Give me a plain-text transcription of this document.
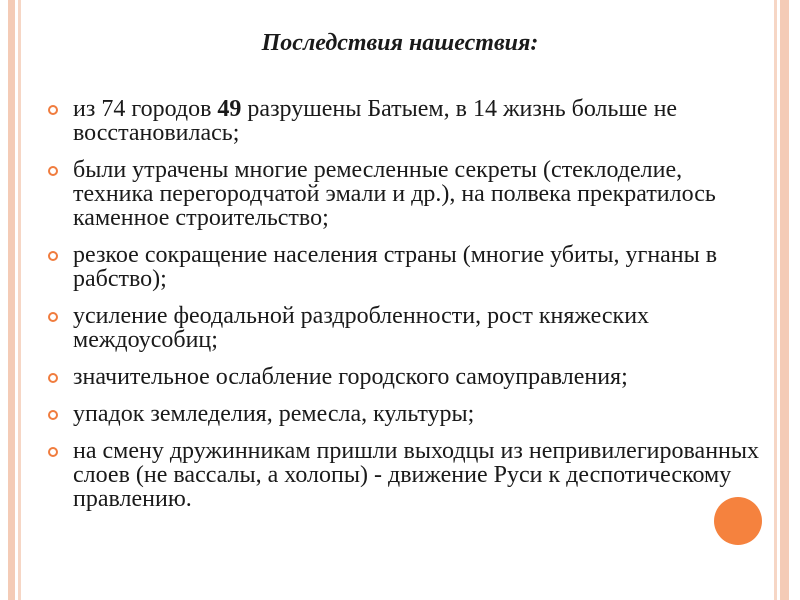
Последствия нашествия:
из 74 городов 49 разрушены Батыем, в 14 жизнь больше не восстановилась;
были утрачены многие ремесленные секреты (стеклоделие, техника перегородчатой эмали и др.), на полвека прекратилось каменное строительство;
резкое сокращение населения страны (многие убиты, угнаны в рабство);
усиление феодальной раздробленности, рост княжеских междоусобиц;
значительное ослабление городского самоуправления;
упадок земледелия, ремесла, культуры;
на смену дружинникам пришли выходцы из непривилегированных слоев (не вассалы, а холопы) - движение Руси к деспотическому правлению.
